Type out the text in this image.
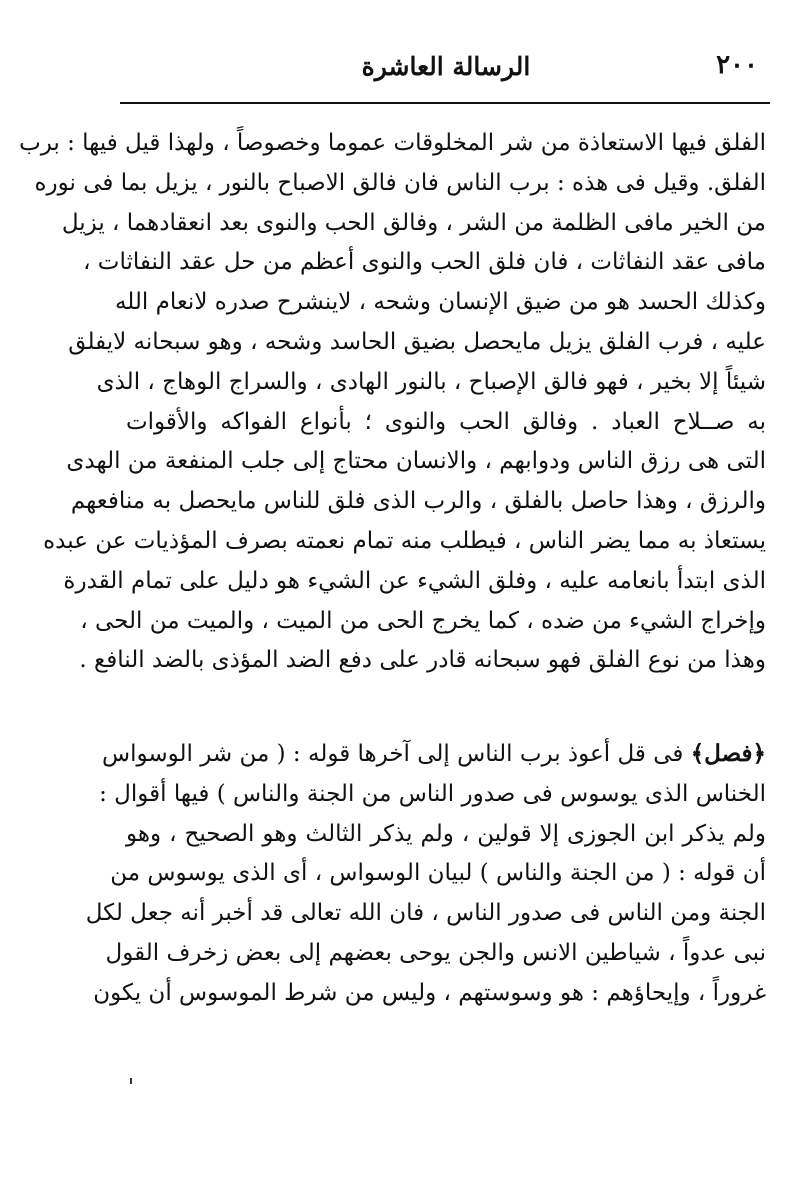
٢٠٠
الرسالة العاشرة
الفلق فيها الاستعاذة من شر المخلوقات عموما وخصوصاً ، ولهذا قيل فيها : برب
الفلق. وقيل فى هذه : برب الناس فان فالق الاصباح بالنور ، يزيل بما فى نوره
من الخير مافى الظلمة من الشر ، وفالق الحب والنوى بعد انعقادهما ، يزيل
مافى عقد النفاثات ، فان فلق الحب والنوى أعظم من حل عقد النفاثات ،
وكذلك الحسد هو من ضيق الإنسان وشحه ، لاينشرح صدره لانعام الله
عليه ، فرب الفلق يزيل مايحصل بضيق الحاسد وشحه ، وهو سبحانه لايفلق
شيئاً إلا بخير ، فهو فالق الإصباح ، بالنور الهادى ، والسراج الوهاج ، الذى
به صــلاح العباد . وفالق الحب والنوى ؛ بأنواع الفواكه والأقوات
التى هى رزق الناس ودوابهم ، والانسان محتاج إلى جلب المنفعة من الهدى
والرزق ، وهذا حاصل بالفلق ، والرب الذى فلق للناس مايحصل به منافعهم
يستعاذ به مما يضر الناس ، فيطلب منه تمام نعمته بصرف المؤذيات عن عبده
الذى ابتدأ بانعامه عليه ، وفلق الشيء عن الشيء هو دليل على تمام القدرة
وإخراج الشيء من ضده ، كما يخرج الحى من الميت ، والميت من الحى ،
وهذا من نوع الفلق فهو سبحانه قادر على دفع الضد المؤذى بالضد النافع .
﴿فصل﴾ فى قل أعوذ برب الناس إلى آخرها قوله : ( من شر الوسواس
الخناس الذى يوسوس فى صدور الناس من الجنة والناس ) فيها أقوال :
ولم يذكر ابن الجوزى إلا قولين ، ولم يذكر الثالث وهو الصحيح ، وهو
أن قوله : ( من الجنة والناس ) لبيان الوسواس ، أى الذى يوسوس من
الجنة ومن الناس فى صدور الناس ، فان الله تعالى قد أخبر أنه جعل لكل
نبى عدواً ، شياطين الانس والجن يوحى بعضهم إلى بعض زخرف القول
غروراً ، وإيحاؤهم : هو وسوستهم ، وليس من شرط الموسوس أن يكون
